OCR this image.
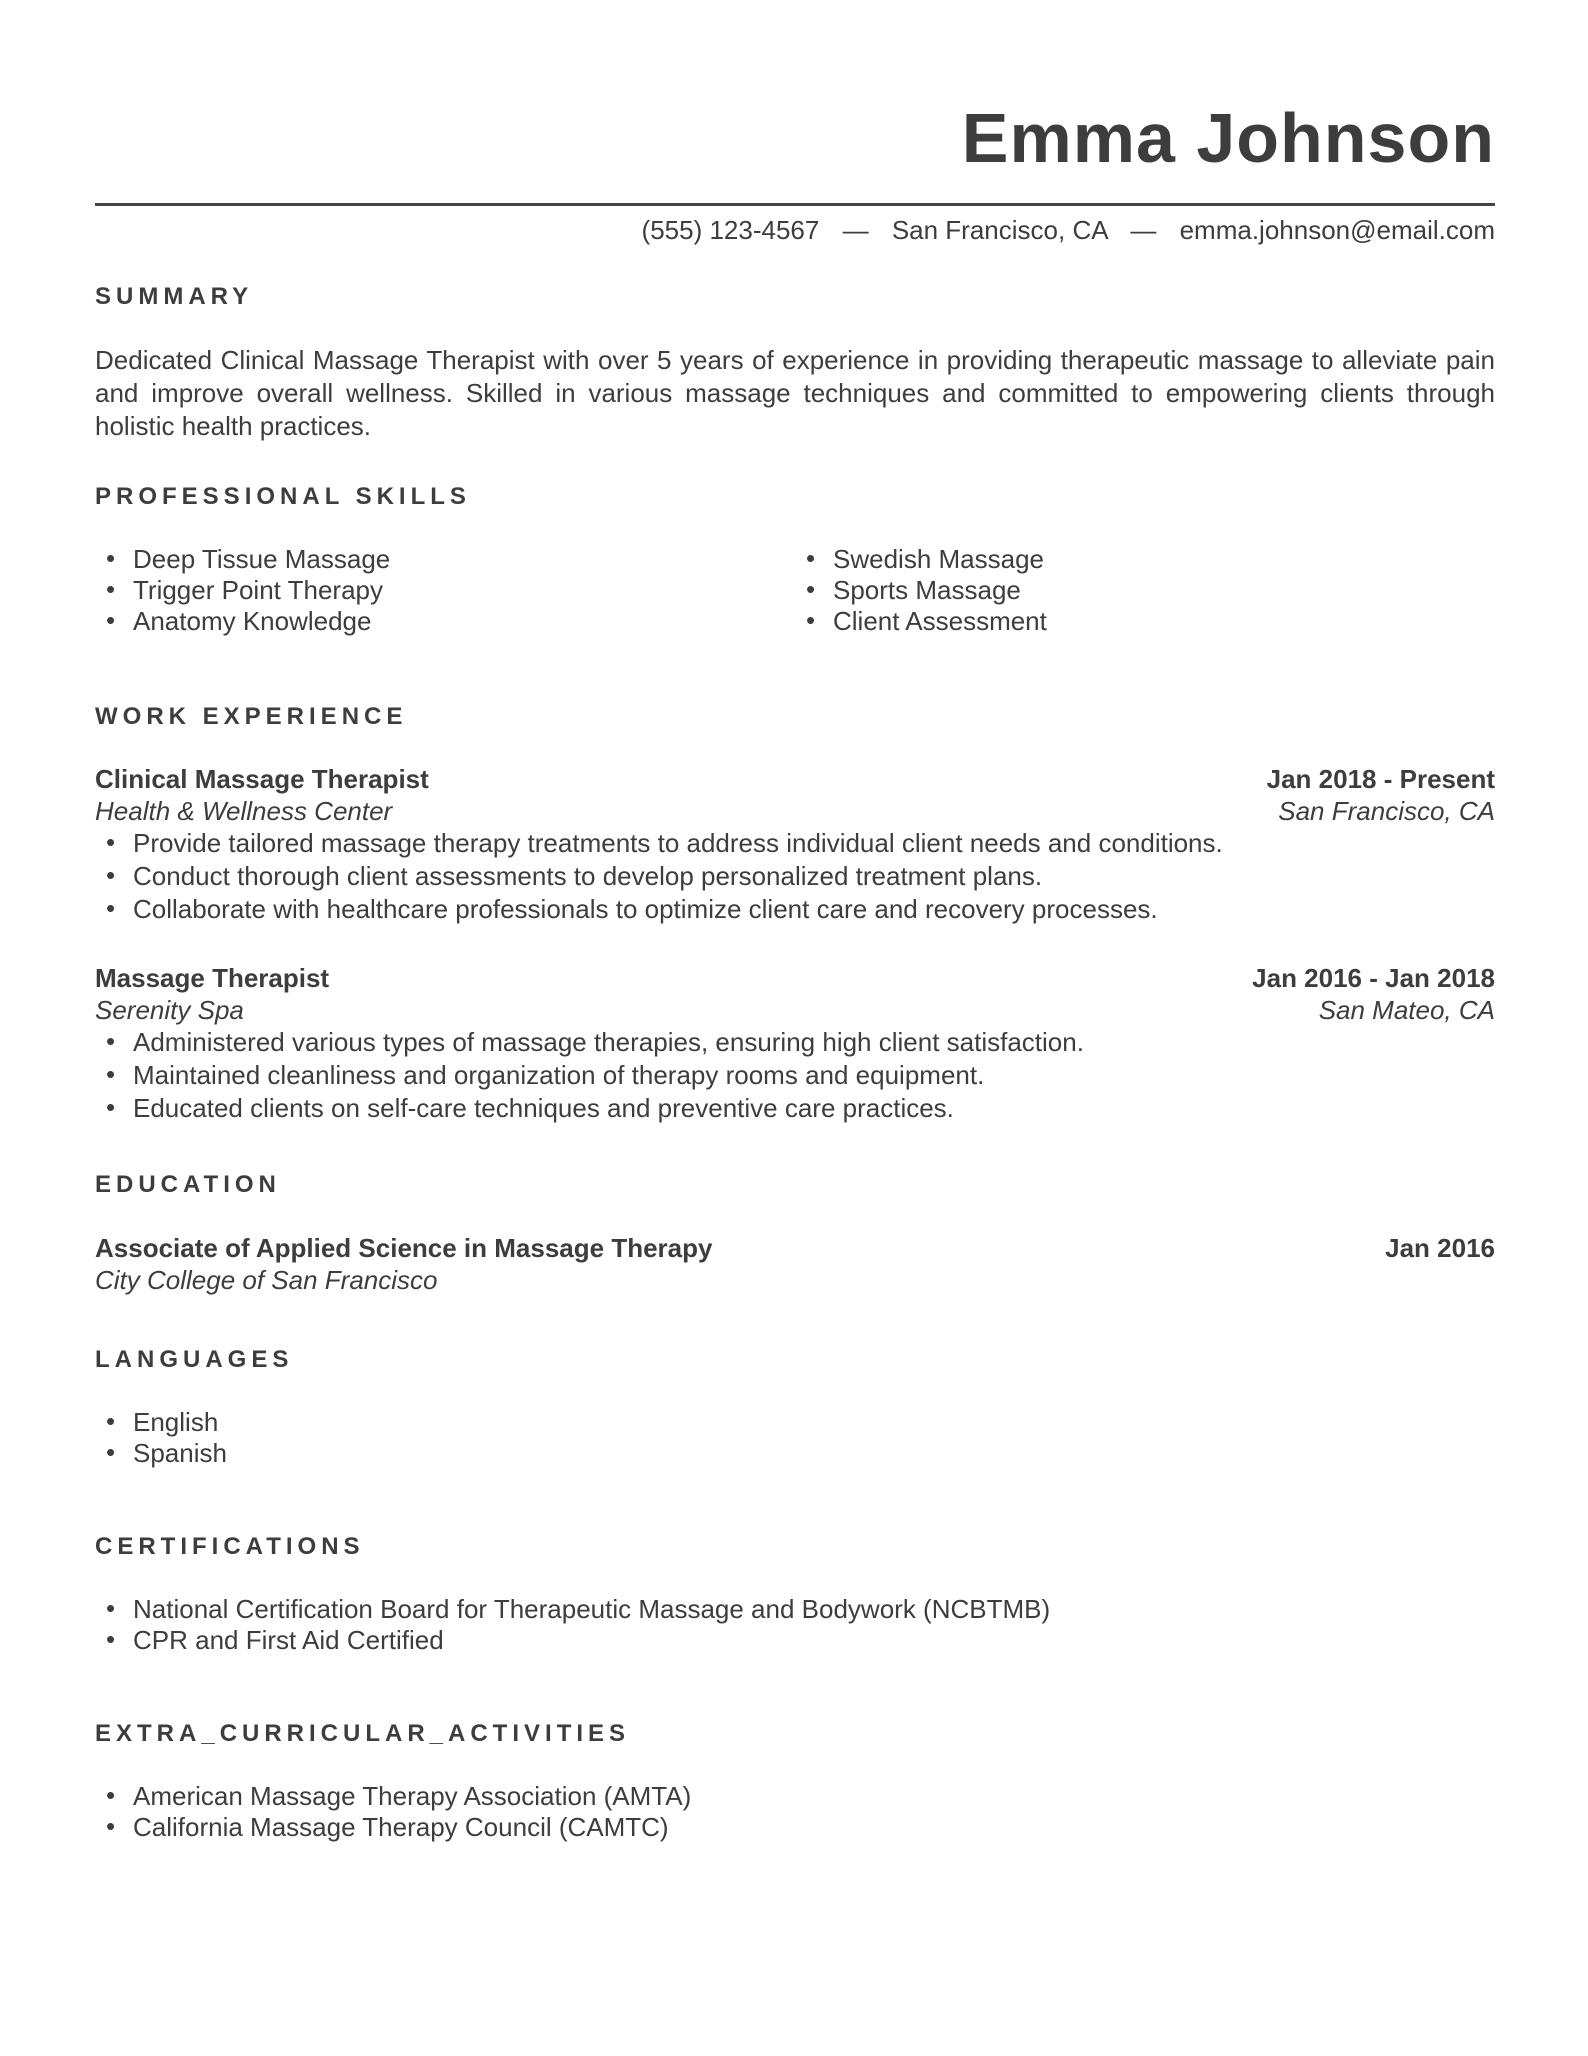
Emma Johnson
(555) 123-4567 — San Francisco, CA — emma.johnson@email.com
SUMMARY

Dedicated Clinical Massage Therapist with over 5 years of experience in providing therapeutic massage to alleviate pain and improve overall wellness. Skilled in various massage techniques and committed to empowering clients through holistic health practices.

PROFESSIONAL SKILLS
• Deep Tissue Massage
• Trigger Point Therapy
• Anatomy Knowledge
• Swedish Massage
• Sports Massage
• Client Assessment
WORK EXPERIENCE

Clinical Massage Therapist

Health & Wellness Center

Jan 2018 - Present

San Francisco, CA

• Provide tailored massage therapy treatments to address individual client needs and conditions.
• Conduct thorough client assessments to develop personalized treatment plans.
• Collaborate with healthcare professionals to optimize client care and recovery processes.

Massage Therapist

Serenity Spa

Jan 2016 - Jan 2018

San Mateo, CA

• Administered various types of massage therapies, ensuring high client satisfaction.
• Maintained cleanliness and organization of therapy rooms and equipment.
• Educated clients on self-care techniques and preventive care practices.
EDUCATION

Associate of Applied Science in Massage Therapy

City College of San Francisco

Jan 2016

LANGUAGES
• English
• Spanish
CERTIFICATIONS
• National Certification Board for Therapeutic Massage and Bodywork (NCBTMB)
• CPR and First Aid Certified
EXTRA_CURRICULAR_ACTIVITIES
• American Massage Therapy Association (AMTA)
• California Massage Therapy Council (CAMTC)
